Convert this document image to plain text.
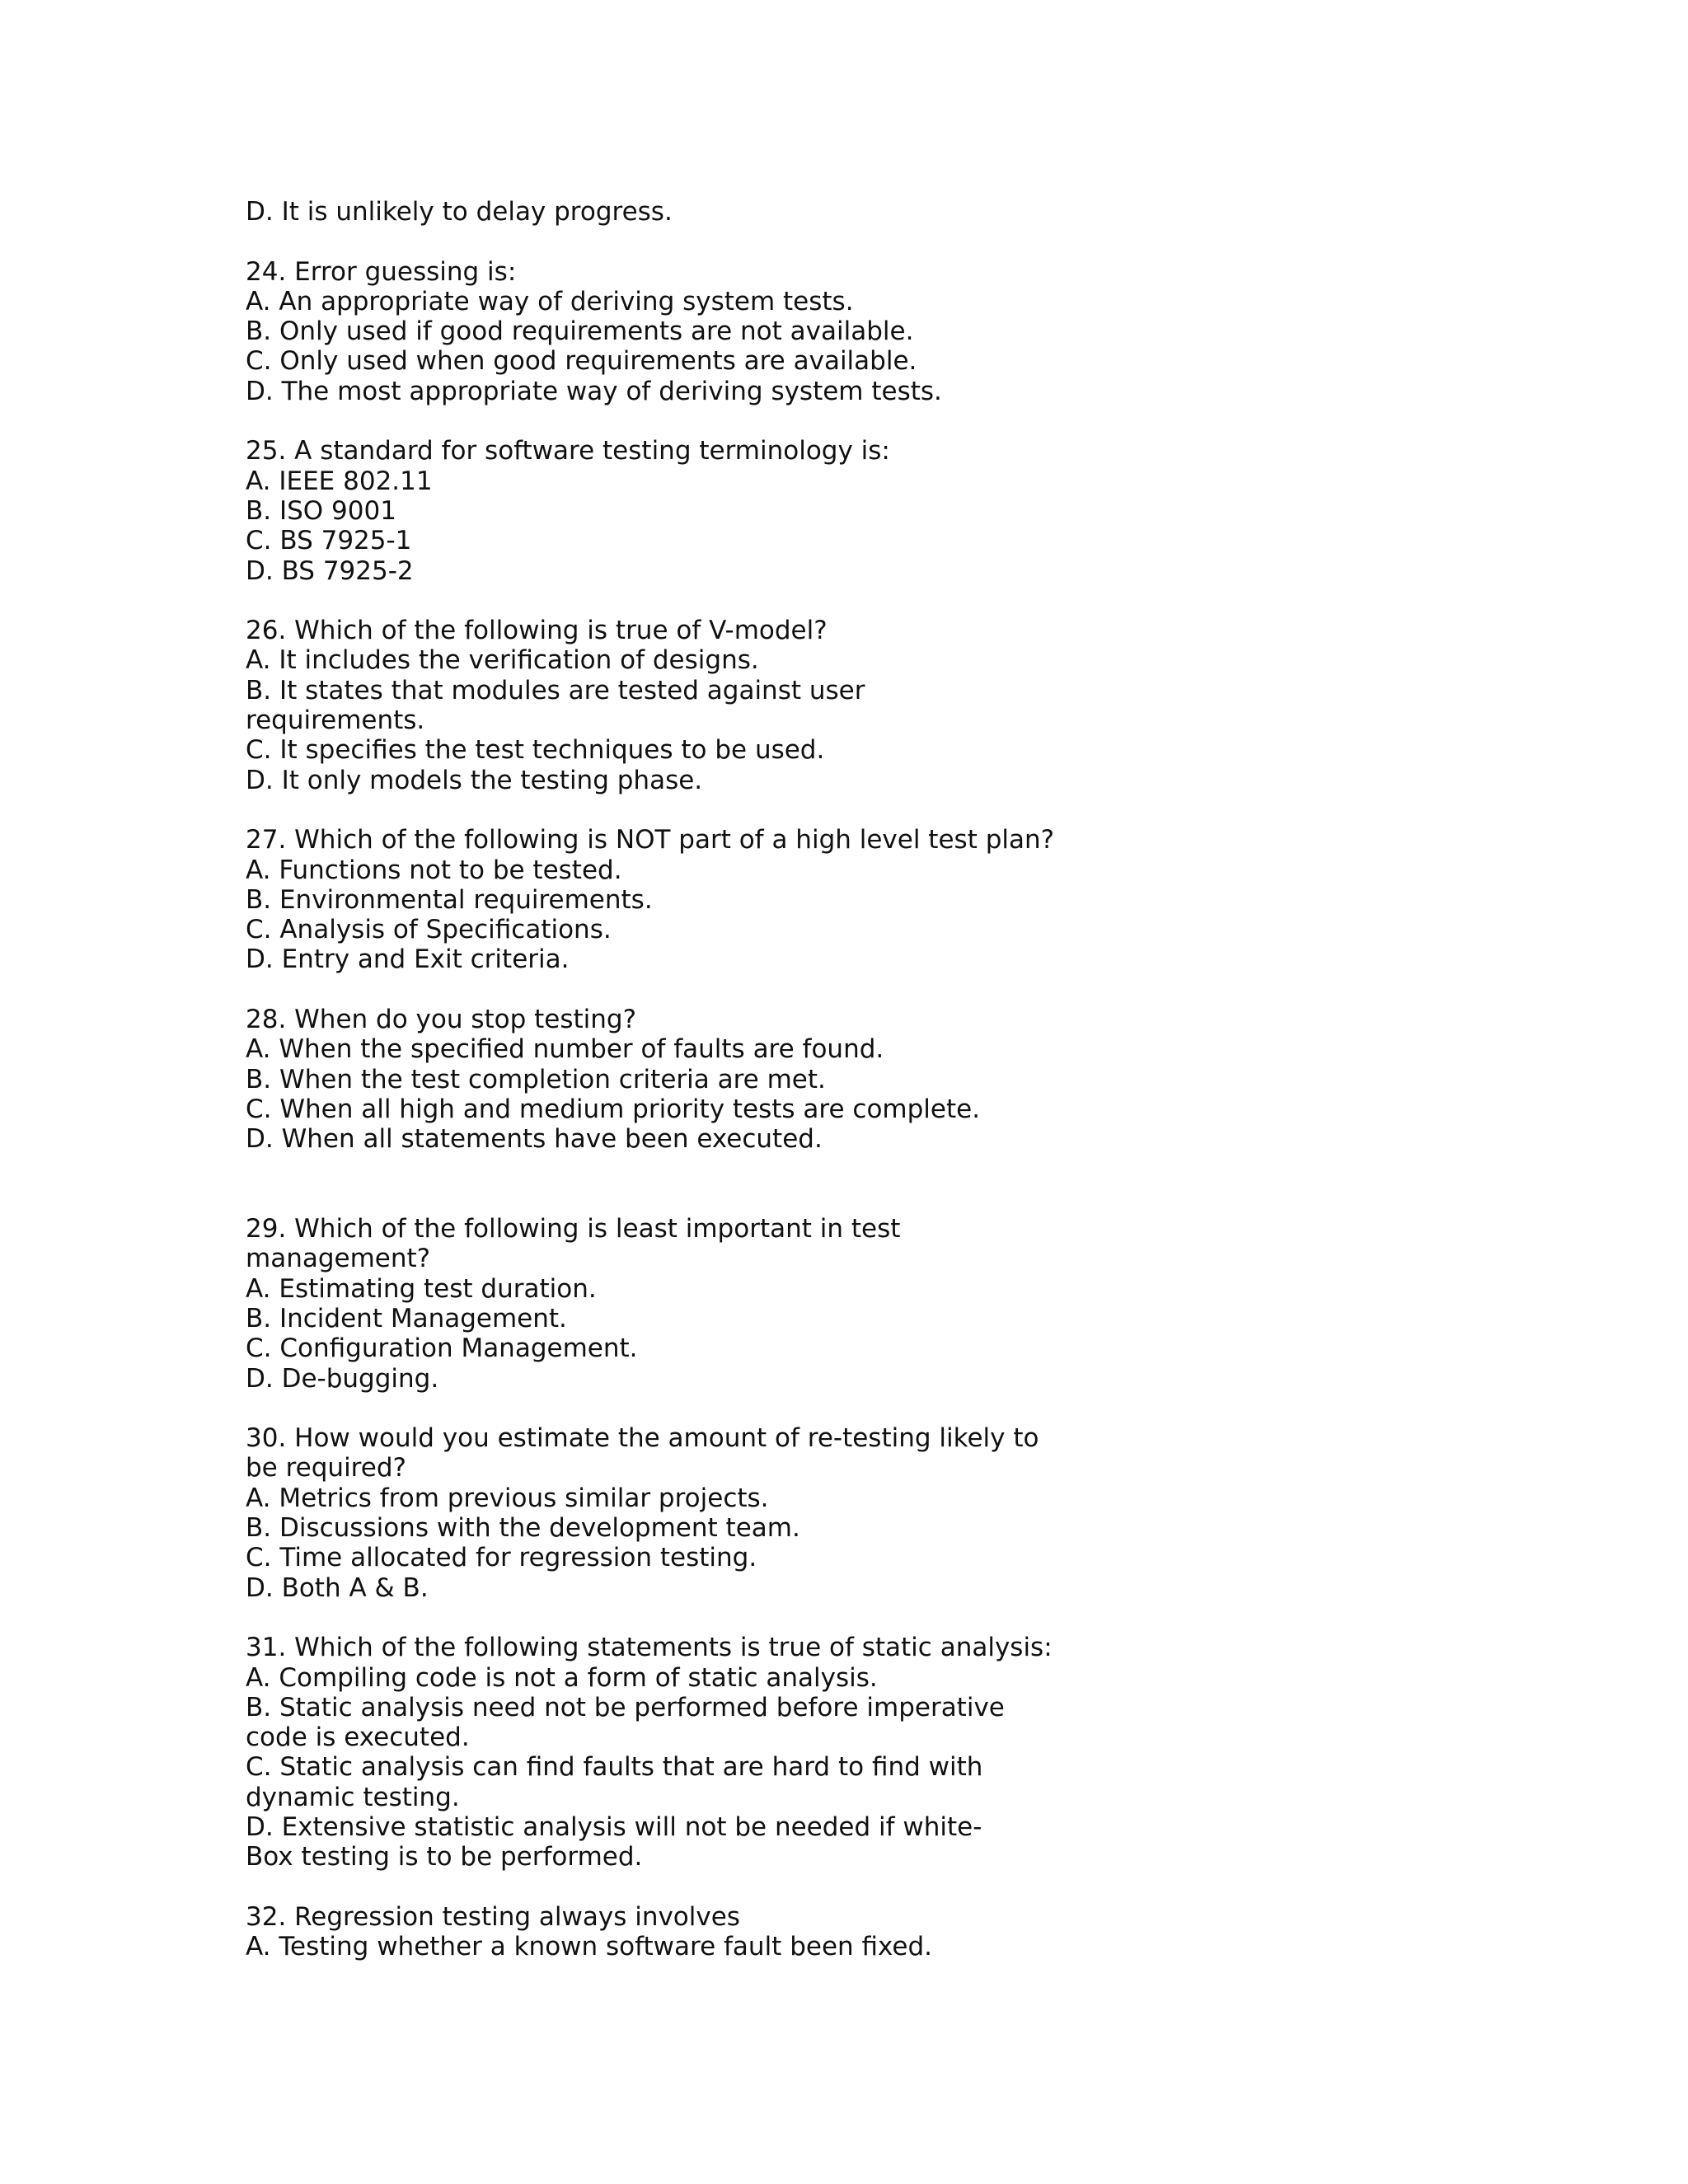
D. It is unlikely to delay progress.
24. Error guessing is:
A. An appropriate way of deriving system tests.
B. Only used if good requirements are not available.
C. Only used when good requirements are available.
D. The most appropriate way of deriving system tests.
25. A standard for software testing terminology is:
A. IEEE 802.11
B. ISO 9001
C. BS 7925-1
D. BS 7925-2
26. Which of the following is true of V-model?
A. It includes the verification of designs.
B. It states that modules are tested against user
requirements.
C. It specifies the test techniques to be used.
D. It only models the testing phase.
27. Which of the following is NOT part of a high level test plan?
A. Functions not to be tested.
B. Environmental requirements.
C. Analysis of Specifications.
D. Entry and Exit criteria.
28. When do you stop testing?
A. When the specified number of faults are found.
B. When the test completion criteria are met.
C. When all high and medium priority tests are complete.
D. When all statements have been executed.
29. Which of the following is least important in test
management?
A. Estimating test duration.
B. Incident Management.
C. Configuration Management.
D. De-bugging.
30. How would you estimate the amount of re-testing likely to
be required?
A. Metrics from previous similar projects.
B. Discussions with the development team.
C. Time allocated for regression testing.
D. Both A & B.
31. Which of the following statements is true of static analysis:
A. Compiling code is not a form of static analysis.
B. Static analysis need not be performed before imperative
code is executed.
C. Static analysis can find faults that are hard to find with
dynamic testing.
D. Extensive statistic analysis will not be needed if white-
Box testing is to be performed.
32. Regression testing always involves
A. Testing whether a known software fault been fixed.
